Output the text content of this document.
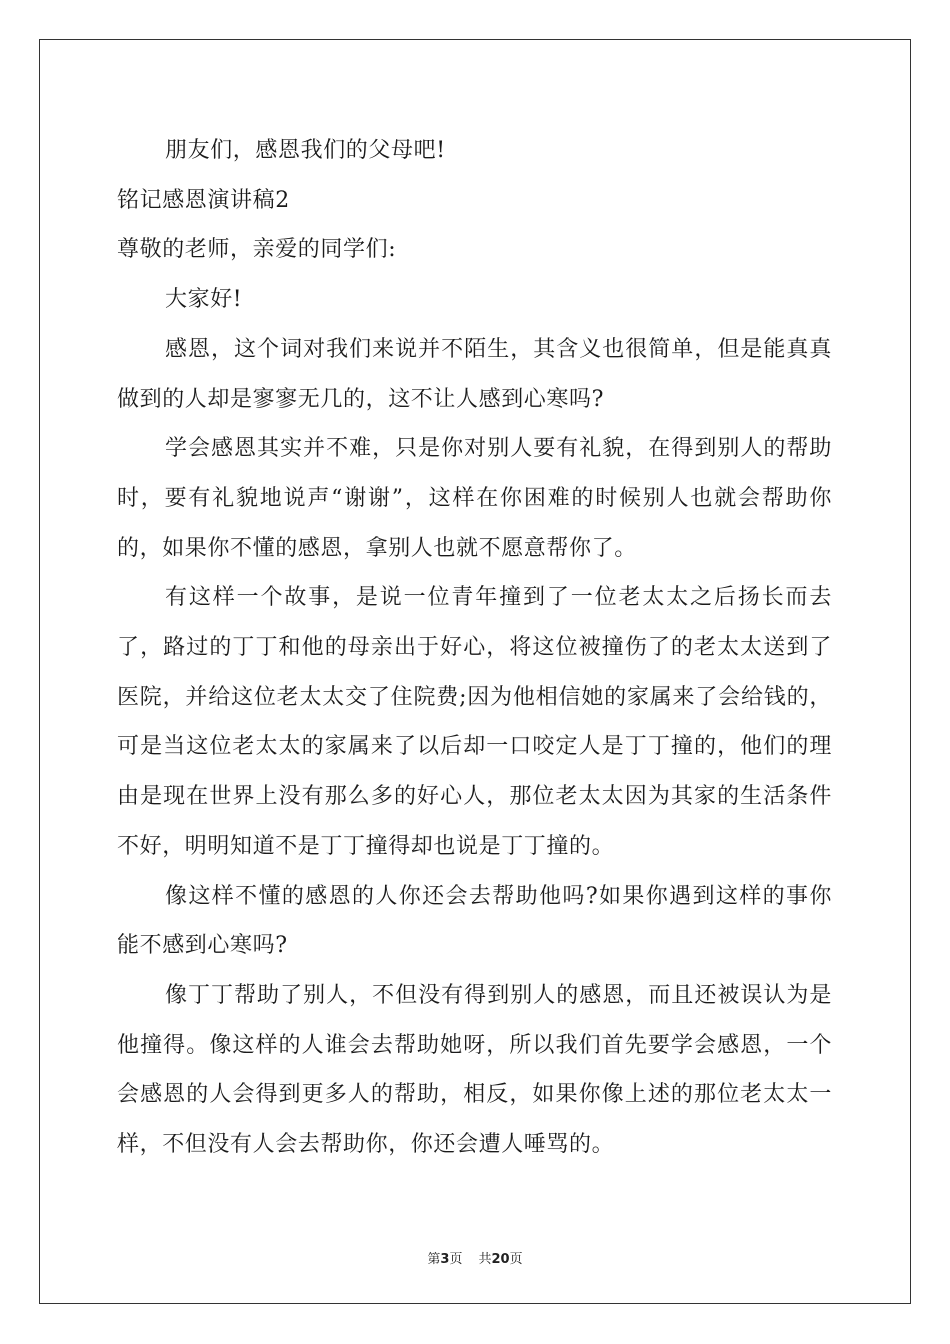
朋友们，感恩我们的父母吧!

铭记感恩演讲稿2

尊敬的老师，亲爱的同学们:

大家好!

感恩，这个词对我们来说并不陌生，其含义也很简单，但是能真真做到的人却是寥寥无几的，这不让人感到心寒吗?

学会感恩其实并不难，只是你对别人要有礼貌，在得到别人的帮助时，要有礼貌地说声“谢谢”，这样在你困难的时候别人也就会帮助你的，如果你不懂的感恩，拿别人也就不愿意帮你了。

有这样一个故事，是说一位青年撞到了一位老太太之后扬长而去了，路过的丁丁和他的母亲出于好心，将这位被撞伤了的老太太送到了医院，并给这位老太太交了住院费;因为他相信她的家属来了会给钱的，可是当这位老太太的家属来了以后却一口咬定人是丁丁撞的，他们的理由是现在世界上没有那么多的好心人，那位老太太因为其家的生活条件不好，明明知道不是丁丁撞得却也说是丁丁撞的。

像这样不懂的感恩的人你还会去帮助他吗?如果你遇到这样的事你能不感到心寒吗?

像丁丁帮助了别人，不但没有得到别人的感恩，而且还被误认为是他撞得。像这样的人谁会去帮助她呀，所以我们首先要学会感恩，一个会感恩的人会得到更多人的帮助，相反，如果你像上述的那位老太太一样，不但没有人会去帮助你，你还会遭人唾骂的。

第3页 共20页
